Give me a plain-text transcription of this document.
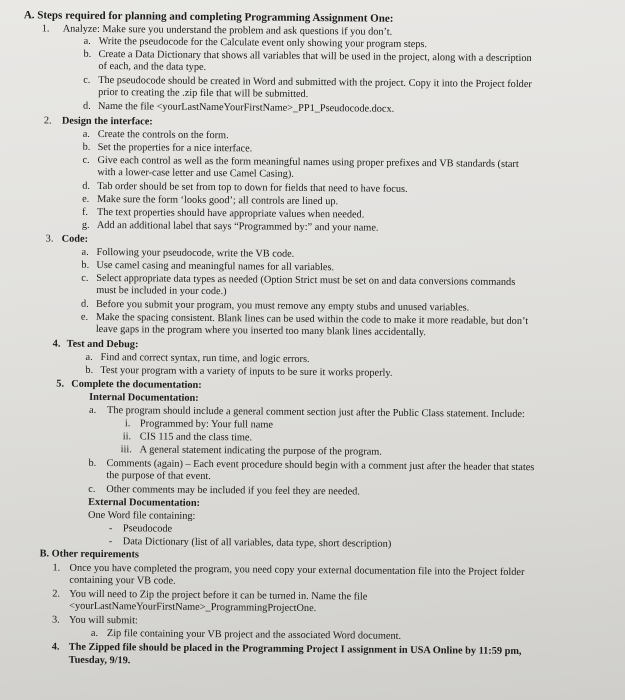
A. Steps required for planning and completing Programming Assignment One:
1. Analyze: Make sure you understand the problem and ask questions if you don’t.
a. Write the pseudocode for the Calculate event only showing your program steps.
b. Create a Data Dictionary that shows all variables that will be used in the project, along with a description
of each, and the data type.
c. The pseudocode should be created in Word and submitted with the project. Copy it into the Project folder
prior to creating the .zip file that will be submitted.
d. Name the file <yourLastNameYourFirstName>_PP1_Pseudocode.docx.
2. Design the interface:
a. Create the controls on the form.
b. Set the properties for a nice interface.
c. Give each control as well as the form meaningful names using proper prefixes and VB standards (start
with a lower-case letter and use Camel Casing).
d. Tab order should be set from top to down for fields that need to have focus.
e. Make sure the form ‘looks good’; all controls are lined up.
f. The text properties should have appropriate values when needed.
g. Add an additional label that says “Programmed by:” and your name.
3. Code:
a. Following your pseudocode, write the VB code.
b. Use camel casing and meaningful names for all variables.
c. Select appropriate data types as needed (Option Strict must be set on and data conversions commands
must be included in your code.)
d. Before you submit your program, you must remove any empty stubs and unused variables.
e. Make the spacing consistent. Blank lines can be used within the code to make it more readable, but don’t
leave gaps in the program where you inserted too many blank lines accidentally.
4. Test and Debug:
a. Find and correct syntax, run time, and logic errors.
b. Test your program with a variety of inputs to be sure it works properly.
5. Complete the documentation:
Internal Documentation:
a. The program should include a general comment section just after the Public Class statement. Include:
i. Programmed by: Your full name
ii. CIS 115 and the class time.
iii. A general statement indicating the purpose of the program.
b. Comments (again) – Each event procedure should begin with a comment just after the header that states
the purpose of that event.
c. Other comments may be included if you feel they are needed.
External Documentation:
One Word file containing:
- Pseudocode
- Data Dictionary (list of all variables, data type, short description)
B. Other requirements
1. Once you have completed the program, you need copy your external documentation file into the Project folder
containing your VB code.
2. You will need to Zip the project before it can be turned in. Name the file
<yourLastNameYourFirstName>_ProgrammingProjectOne.
3. You will submit:
a. Zip file containing your VB project and the associated Word document.
4. The Zipped file should be placed in the Programming Project I assignment in USA Online by 11:59 pm,
Tuesday, 9/19.
